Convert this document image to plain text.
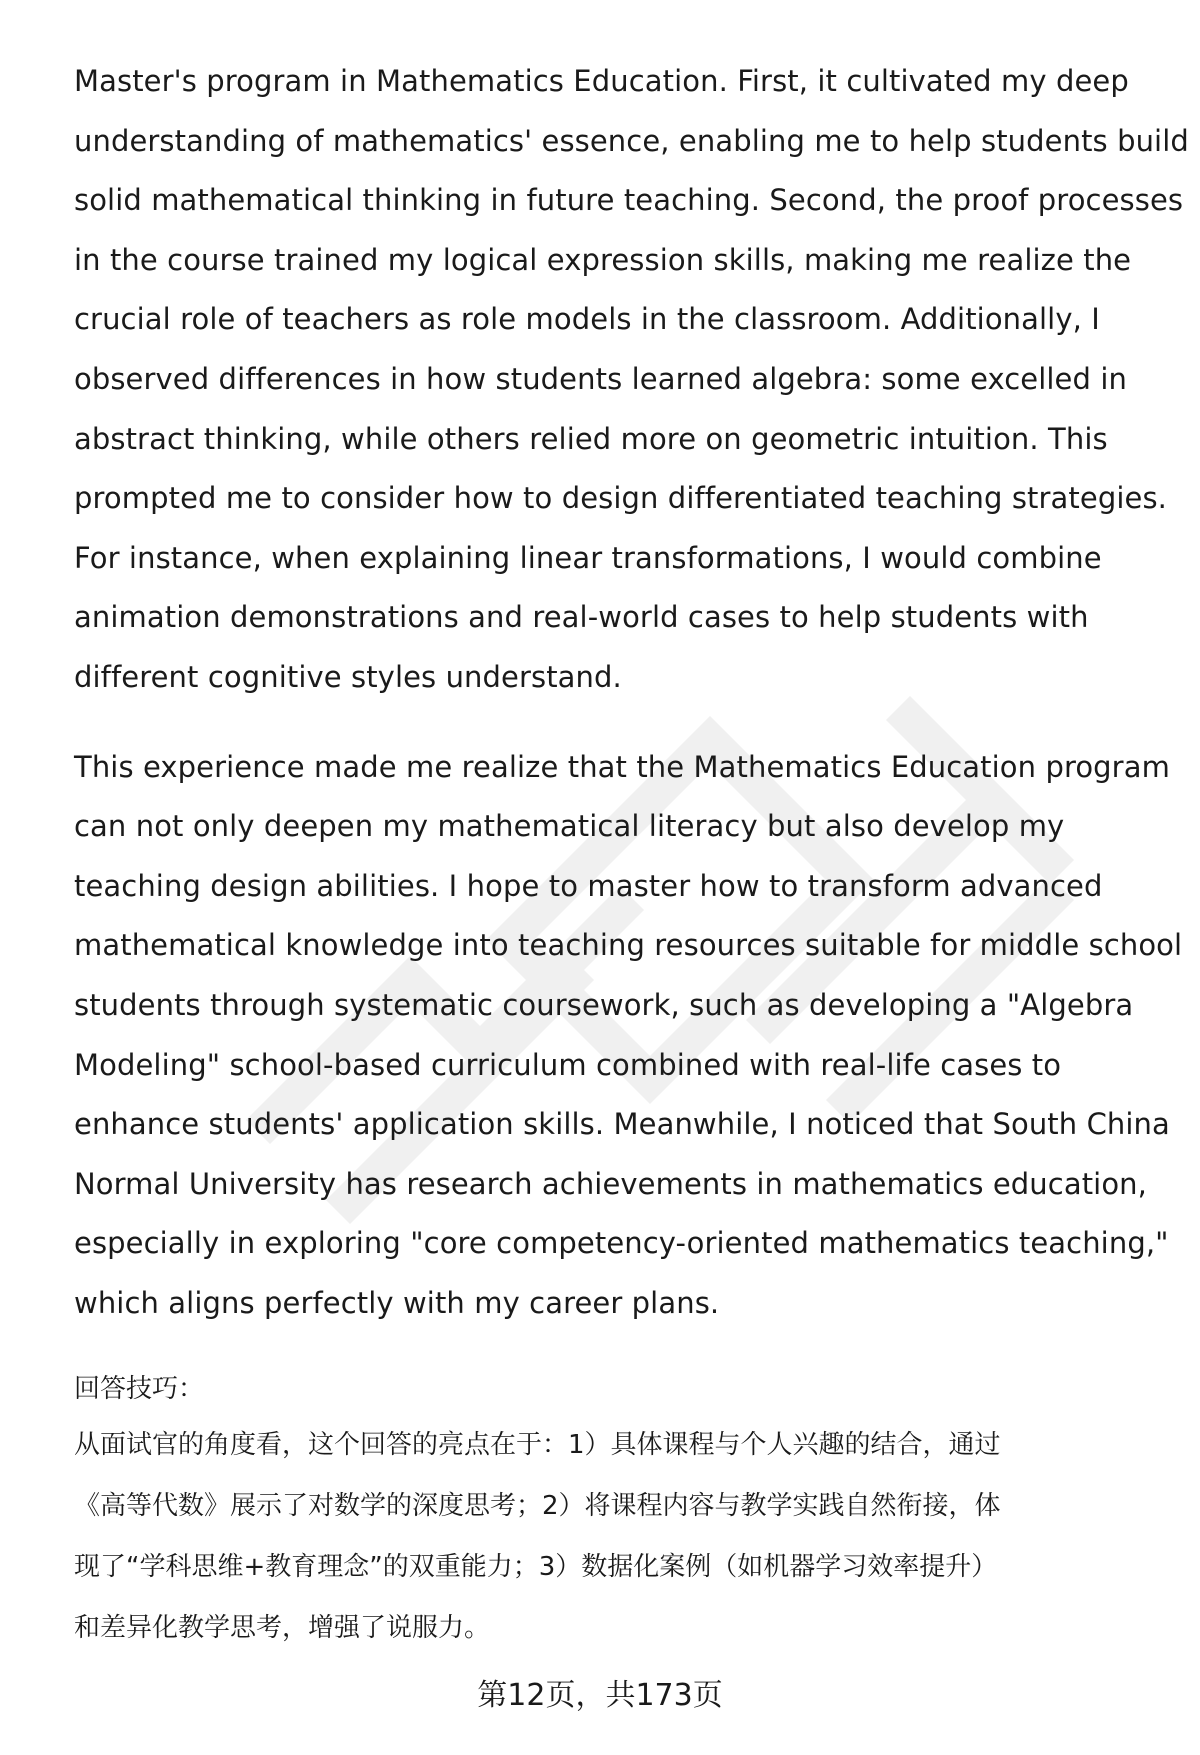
Master's program in Mathematics Education. First, it cultivated my deep
understanding of mathematics' essence, enabling me to help students build
solid mathematical thinking in future teaching. Second, the proof processes
in the course trained my logical expression skills, making me realize the
crucial role of teachers as role models in the classroom. Additionally, I
observed differences in how students learned algebra: some excelled in
abstract thinking, while others relied more on geometric intuition. This
prompted me to consider how to design differentiated teaching strategies.
For instance, when explaining linear transformations, I would combine
animation demonstrations and real-world cases to help students with
different cognitive styles understand.
This experience made me realize that the Mathematics Education program
can not only deepen my mathematical literacy but also develop my
teaching design abilities. I hope to master how to transform advanced
mathematical knowledge into teaching resources suitable for middle school
students through systematic coursework, such as developing a "Algebra
Modeling" school-based curriculum combined with real-life cases to
enhance students' application skills. Meanwhile, I noticed that South China
Normal University has research achievements in mathematics education,
especially in exploring "core competency-oriented mathematics teaching,"
which aligns perfectly with my career plans.
回答技巧：
从面试官的角度看，这个回答的亮点在于：1）具体课程与个人兴趣的结合，通过
《高等代数》展示了对数学的深度思考；2）将课程内容与教学实践自然衔接，体
现了“学科思维+教育理念”的双重能力；3）数据化案例（如机器学习效率提升）
和差异化教学思考，增强了说服力。
第12页，共173页
